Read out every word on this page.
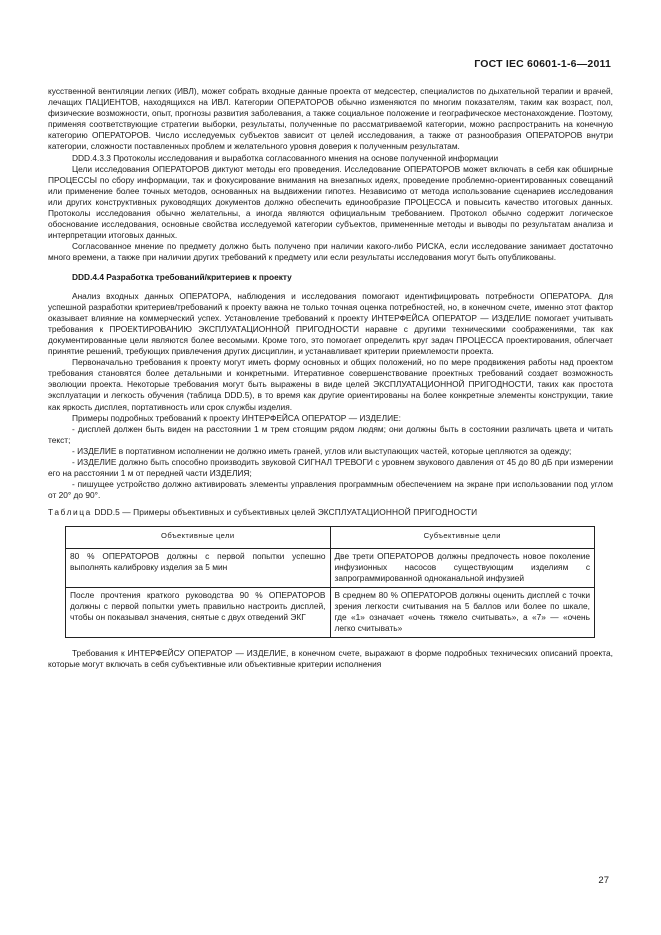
ГОСТ IEC 60601-1-6—2011

кусственной вентиляции легких (ИВЛ), может собрать входные данные проекта от медсестер, специалистов по дыхательной терапии и врачей, лечащих ПАЦИЕНТОВ, находящихся на ИВЛ. Категории ОПЕРАТОРОВ обычно изменяются по многим показателям, таким как возраст, пол, физические возможности, опыт, прогнозы развития заболевания, а также социальное положение и географическое местонахождение. Поэтому, применяя соответствующие стратегии выборки, результаты, полученные по рассматриваемой категории, можно распространить на конечную категорию ОПЕРАТОРОВ. Число исследуемых субъектов зависит от целей исследования, а также от разнообразия ОПЕРАТОРОВ внутри категории, сложности поставленных проблем и желательного уровня доверия к полученным результатам.

DDD.4.3.3 Протоколы исследования и выработка согласованного мнения на основе полученной информации

Цели исследования ОПЕРАТОРОВ диктуют методы его проведения. Исследование ОПЕРАТОРОВ может включать в себя как обширные ПРОЦЕССЫ по сбору информации, так и фокусирование внимания на внезапных идеях, проведение проблемно-ориентированных совещаний или применение более точных методов, основанных на выдвижении гипотез. Независимо от метода использование сценариев исследования или других конструктивных руководящих документов должно обеспечить единообразие ПРОЦЕССА и повысить качество итоговых данных. Протоколы исследования обычно желательны, а иногда являются официальным требованием. Протокол обычно содержит логическое обоснование исследования, основные свойства исследуемой категории субъектов, примененные методы и выводы по результатам анализа и интерпретации итоговых данных.

Согласованное мнение по предмету должно быть получено при наличии какого-либо РИСКА, если исследование занимает достаточно много времени, а также при наличии других требований к предмету или если результаты исследования могут быть опубликованы.

DDD.4.4 Разработка требований/критериев к проекту

Анализ входных данных ОПЕРАТОРА, наблюдения и исследования помогают идентифицировать потребности ОПЕРАТОРА. Для успешной разработки критериев/требований к проекту важна не только точная оценка потребностей, но, в конечном счете, именно этот фактор оказывает влияние на коммерческий успех. Установление требований к проекту ИНТЕРФЕЙСА ОПЕРАТОР — ИЗДЕЛИЕ помогает учитывать требования к ПРОЕКТИРОВАНИЮ ЭКСПЛУАТАЦИОННОЙ ПРИГОДНОСТИ наравне с другими техническими соображениями, так как документированные цели являются более весомыми. Кроме того, это помогает определить круг задач ПРОЦЕССА проектирования, облегчает принятие решений, требующих привлечения других дисциплин, и устанавливает критерии приемлемости проекта.

Первоначально требования к проекту могут иметь форму основных и общих положений, но по мере продвижения работы над проектом требования становятся более детальными и конкретными. Итеративное совершенствование проектных требований создает возможность эволюции проекта. Некоторые требования могут быть выражены в виде целей ЭКСПЛУАТАЦИОННОЙ ПРИГОДНОСТИ, таких как простота эксплуатации и легкость обучения (таблица DDD.5), в то время как другие ориентированы на более конкретные элементы конструкции, такие как яркость дисплея, портативность или срок службы изделия.

Примеры подробных требований к проекту ИНТЕРФЕЙСА ОПЕРАТОР — ИЗДЕЛИЕ:

- дисплей должен быть виден на расстоянии 1 м трем стоящим рядом людям; они должны быть в состоянии различать цвета и читать текст;

- ИЗДЕЛИЕ в портативном исполнении не должно иметь граней, углов или выступающих частей, которые цепляются за одежду;

- ИЗДЕЛИЕ должно быть способно производить звуковой СИГНАЛ ТРЕВОГИ с уровнем звукового давления от 45 до 80 дБ при измерении его на расстоянии 1 м от передней части ИЗДЕЛИЯ;

- пишущее устройство должно активировать элементы управления программным обеспечением на экране при использовании под углом от 20° до 90°.

Таблица DDD.5 — Примеры объективных и субъективных целей ЭКСПЛУАТАЦИОННОЙ ПРИГОДНОСТИ

Объективные цели	Субъективные цели
80 % ОПЕРАТОРОВ должны с первой попытки успешно выполнять калибровку изделия за 5 мин	Две трети ОПЕРАТОРОВ должны предпочесть новое поколение инфузионных насосов существующим изделиям с запрограммированной одноканальной инфузией
После прочтения краткого руководства 90 % ОПЕРАТОРОВ должны с первой попытки уметь правильно настроить дисплей, чтобы он показывал значения, снятые с двух отведений ЭКГ	В среднем 80 % ОПЕРАТОРОВ должны оценить дисплей с точки зрения легкости считывания на 5 баллов или более по шкале, где «1» означает «очень тяжело считывать», а «7» — «очень легко считывать»

Требования к ИНТЕРФЕЙСУ ОПЕРАТОР — ИЗДЕЛИЕ, в конечном счете, выражают в форме подробных технических описаний проекта, которые могут включать в себя субъективные или объективные критерии исполнения

27
